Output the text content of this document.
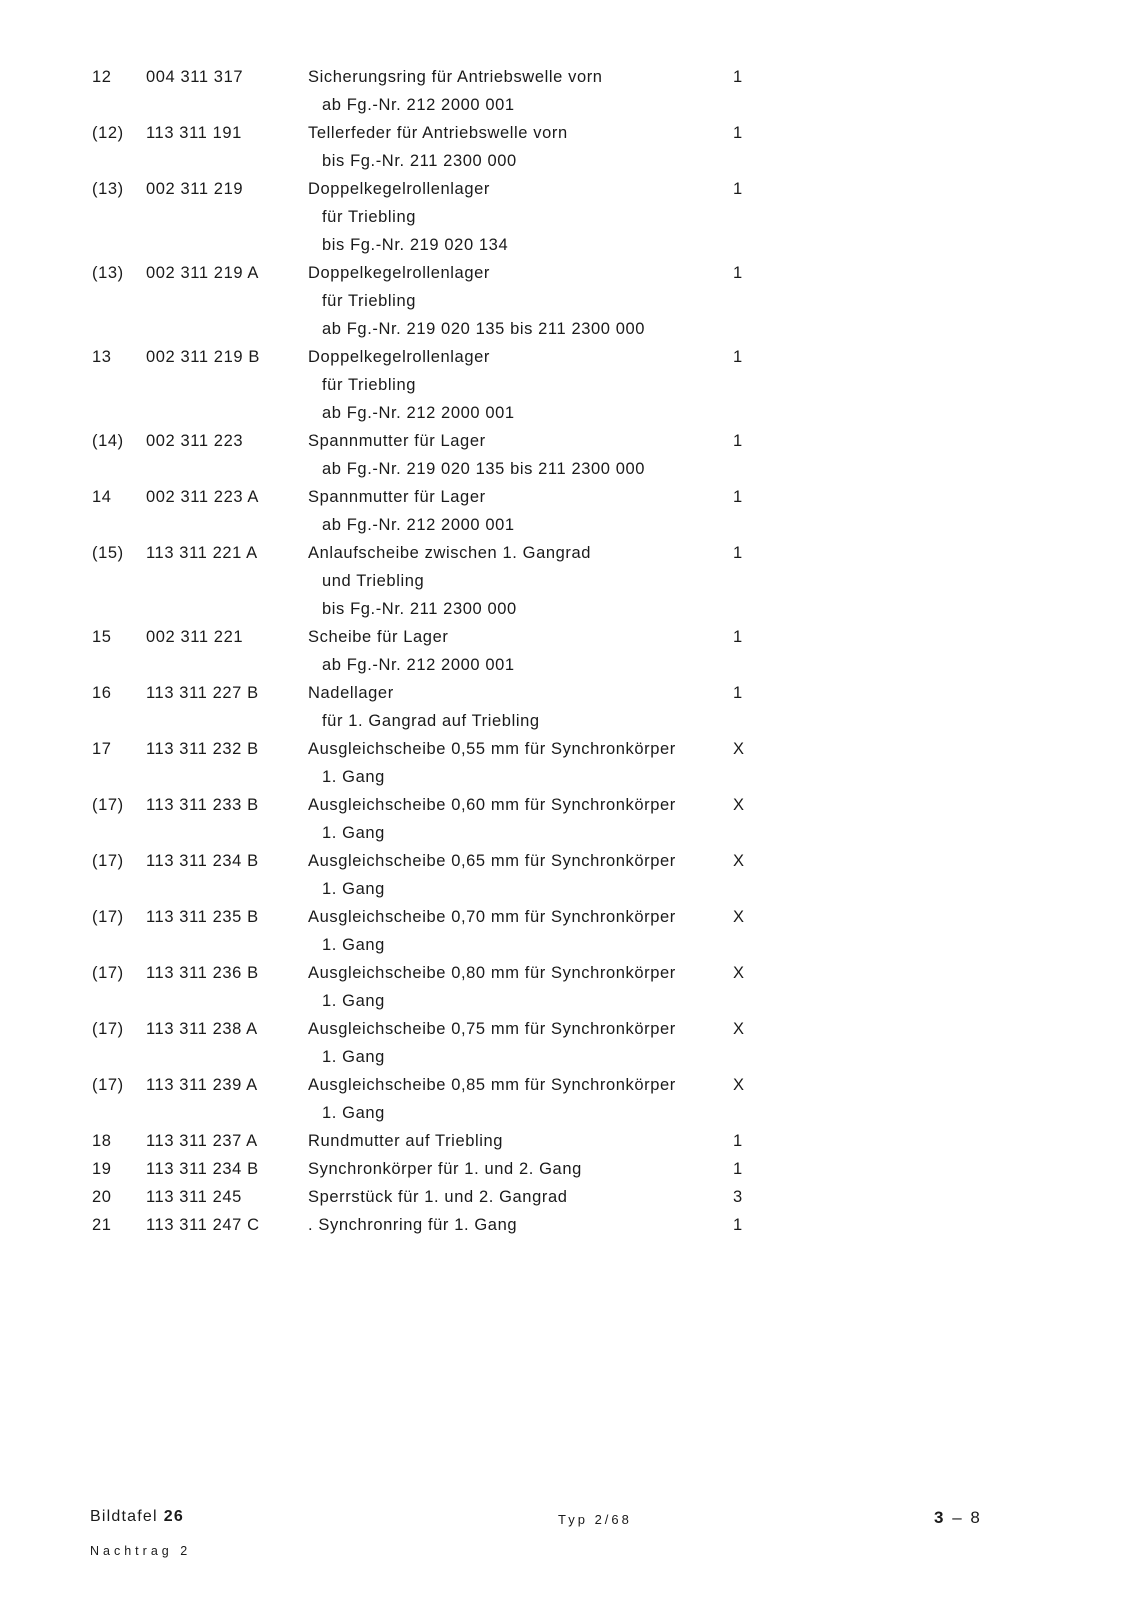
12 004 311 317	Sicherungsring für Antriebswelle vorn	1
ab Fg.-Nr. 212 2000 001
(12) 113 311 191	Tellerfeder für Antriebswelle vorn	1
bis Fg.-Nr. 211 2300 000
(13) 002 311 219	Doppelkegelrollenlager	1
für Triebling
bis Fg.-Nr. 219 020 134
(13) 002 311 219 A	Doppelkegelrollenlager	1
für Triebling
ab Fg.-Nr. 219 020 135 bis 211 2300 000
13 002 311 219 B	Doppelkegelrollenlager	1
für Triebling
ab Fg.-Nr. 212 2000 001
(14) 002 311 223	Spannmutter für Lager	1
ab Fg.-Nr. 219 020 135 bis 211 2300 000
14 002 311 223 A	Spannmutter für Lager	1
ab Fg.-Nr. 212 2000 001
(15) 113 311 221 A	Anlaufscheibe zwischen 1. Gangrad	1
und Triebling
bis Fg.-Nr. 211 2300 000
15 002 311 221	Scheibe für Lager	1
ab Fg.-Nr. 212 2000 001
16 113 311 227 B	Nadellager	1
für 1. Gangrad auf Triebling
17 113 311 232 B	Ausgleichscheibe 0,55 mm für Synchronkörper	X
1. Gang
(17) 113 311 233 B	Ausgleichscheibe 0,60 mm für Synchronkörper	X
1. Gang
(17) 113 311 234 B	Ausgleichscheibe 0,65 mm für Synchronkörper	X
1. Gang
(17) 113 311 235 B	Ausgleichscheibe 0,70 mm für Synchronkörper	X
1. Gang
(17) 113 311 236 B	Ausgleichscheibe 0,80 mm für Synchronkörper	X
1. Gang
(17) 113 311 238 A	Ausgleichscheibe 0,75 mm für Synchronkörper	X
1. Gang
(17) 113 311 239 A	Ausgleichscheibe 0,85 mm für Synchronkörper	X
1. Gang
18 113 311 237 A	Rundmutter auf Triebling	1
19 113 311 234 B	Synchronkörper für 1. und 2. Gang	1
20 113 311 245	Sperrstück für 1. und 2. Gangrad	3
21 113 311 247 C	. Synchronring für 1. Gang	1
Bildtafel 26
Nachtrag 2
Typ 2/68	3 – 8
